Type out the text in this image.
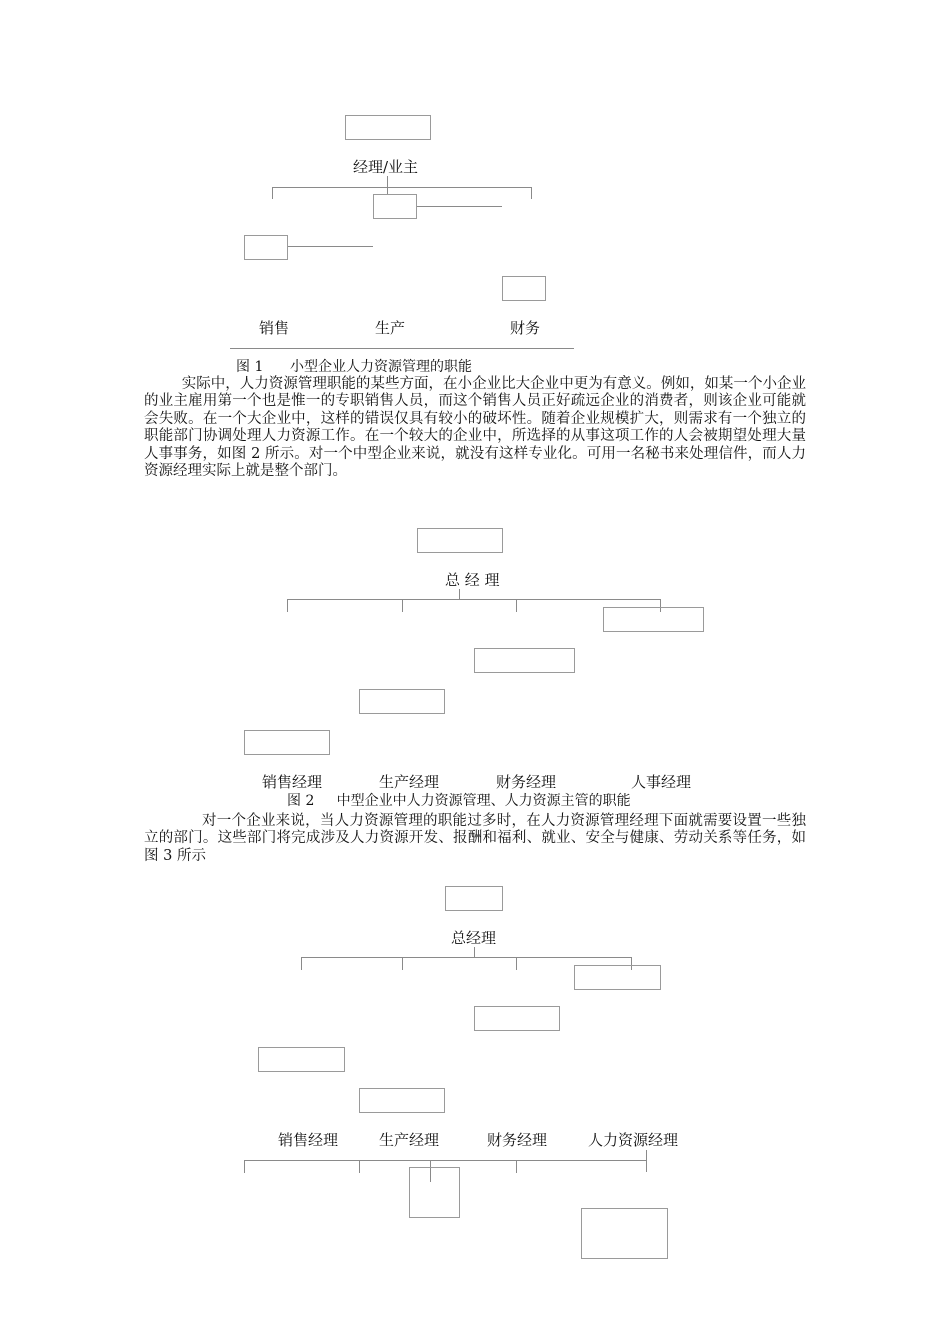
经理/业主
销售	生产	财务
图 1      小型企业人力资源管理的职能

实际中，人力资源管理职能的某些方面，在小企业比大企业中更为有意义。例如，如某一个小企业的业主雇用第一个也是惟一的专职销售人员，而这个销售人员正好疏远企业的消费者，则该企业可能就会失败。在一个大企业中，这样的错误仅具有较小的破坏性。随着企业规模扩大，则需求有一个独立的职能部门协调处理人力资源工作。在一个较大的企业中，所选择的从事这项工作的人会被期望处理大量人事事务，如图 2 所示。对一个中型企业来说，就没有这样专业化。可用一名秘书来处理信件，而人力资源经理实际上就是整个部门。

总 经 理
销售经理	生产经理	财务经理	人事经理
图 2     中型企业中人力资源管理、人力资源主管的职能

对一个企业来说，当人力资源管理的职能过多时，在人力资源管理经理下面就需要设置一些独立的部门。这些部门将完成涉及人力资源开发、报酬和福利、就业、安全与健康、劳动关系等任务，如图 3 所示

总经理
销售经理	生产经理	财务经理	人力资源经理
